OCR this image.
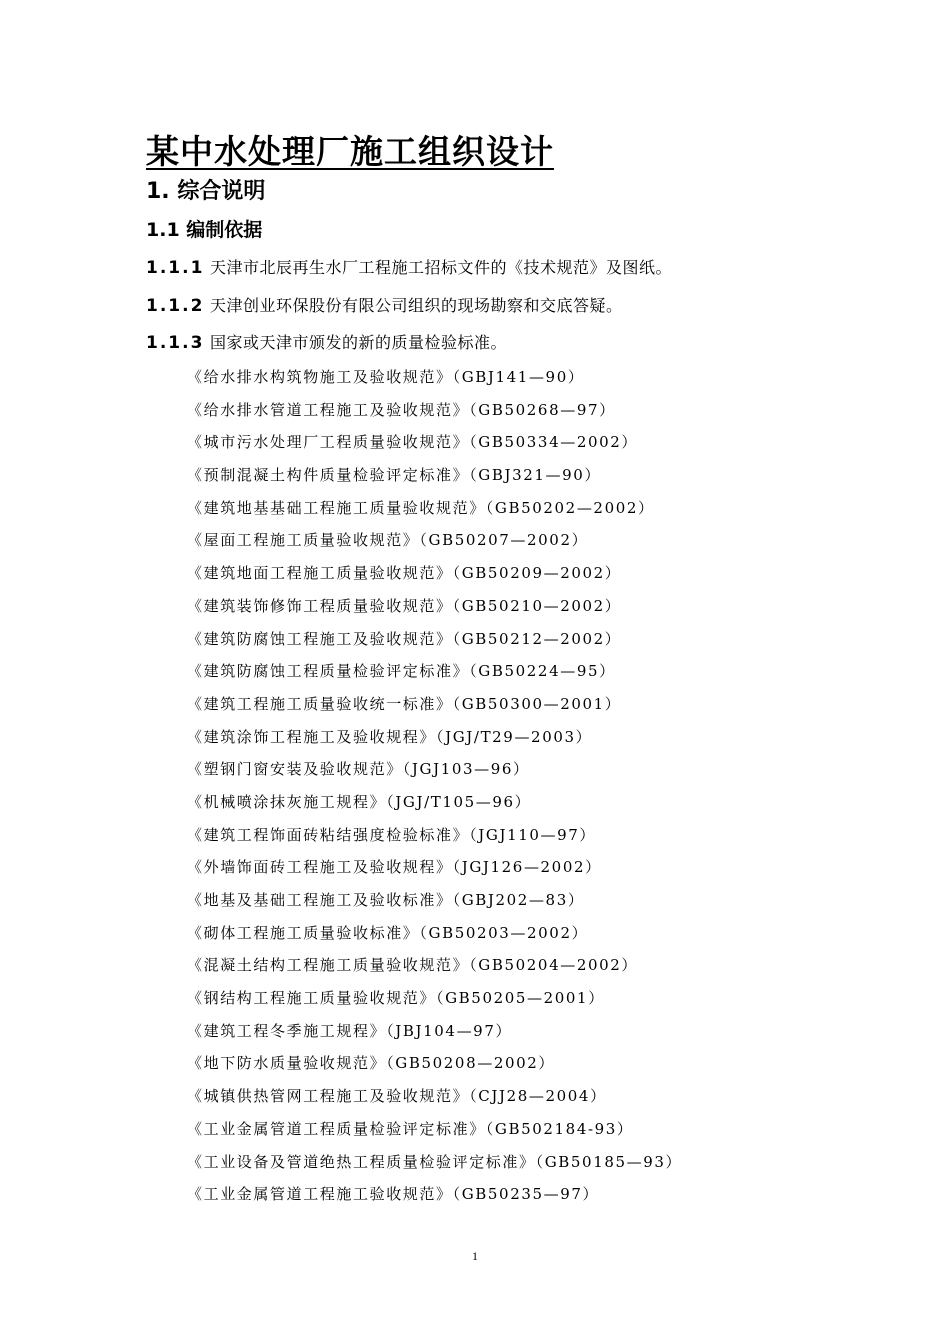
某中水处理厂施工组织设计
1. 综合说明
1.1 编制依据

1.1.1 天津市北辰再生水厂工程施工招标文件的《技术规范》及图纸。

1.1.2 天津创业环保股份有限公司组织的现场勘察和交底答疑。

1.1.3 国家或天津市颁发的新的质量检验标准。

《给水排水构筑物施工及验收规范》（GBJ141—90）
《给水排水管道工程施工及验收规范》（GB50268—97）
《城市污水处理厂工程质量验收规范》（GB50334—2002）
《预制混凝土构件质量检验评定标准》（GBJ321—90）
《建筑地基基础工程施工质量验收规范》（GB50202—2002）
《屋面工程施工质量验收规范》（GB50207—2002）
《建筑地面工程施工质量验收规范》（GB50209—2002）
《建筑装饰修饰工程质量验收规范》（GB50210—2002）
《建筑防腐蚀工程施工及验收规范》（GB50212—2002）
《建筑防腐蚀工程质量检验评定标准》（GB50224—95）
《建筑工程施工质量验收统一标准》（GB50300—2001）
《建筑涂饰工程施工及验收规程》（JGJ/T29—2003）
《塑钢门窗安装及验收规范》（JGJ103—96）
《机械喷涂抹灰施工规程》（JGJ/T105—96）
《建筑工程饰面砖粘结强度检验标准》（JGJ110—97）
《外墙饰面砖工程施工及验收规程》（JGJ126—2002）
《地基及基础工程施工及验收标准》（GBJ202—83）
《砌体工程施工质量验收标准》（GB50203—2002）
《混凝土结构工程施工质量验收规范》（GB50204—2002）
《钢结构工程施工质量验收规范》（GB50205—2001）
《建筑工程冬季施工规程》（JBJ104—97）
《地下防水质量验收规范》（GB50208—2002）
《城镇供热管网工程施工及验收规范》（CJJ28—2004）
《工业金属管道工程质量检验评定标准》（GB502184-93）
《工业设备及管道绝热工程质量检验评定标准》（GB50185—93）
《工业金属管道工程施工验收规范》（GB50235—97）
1
